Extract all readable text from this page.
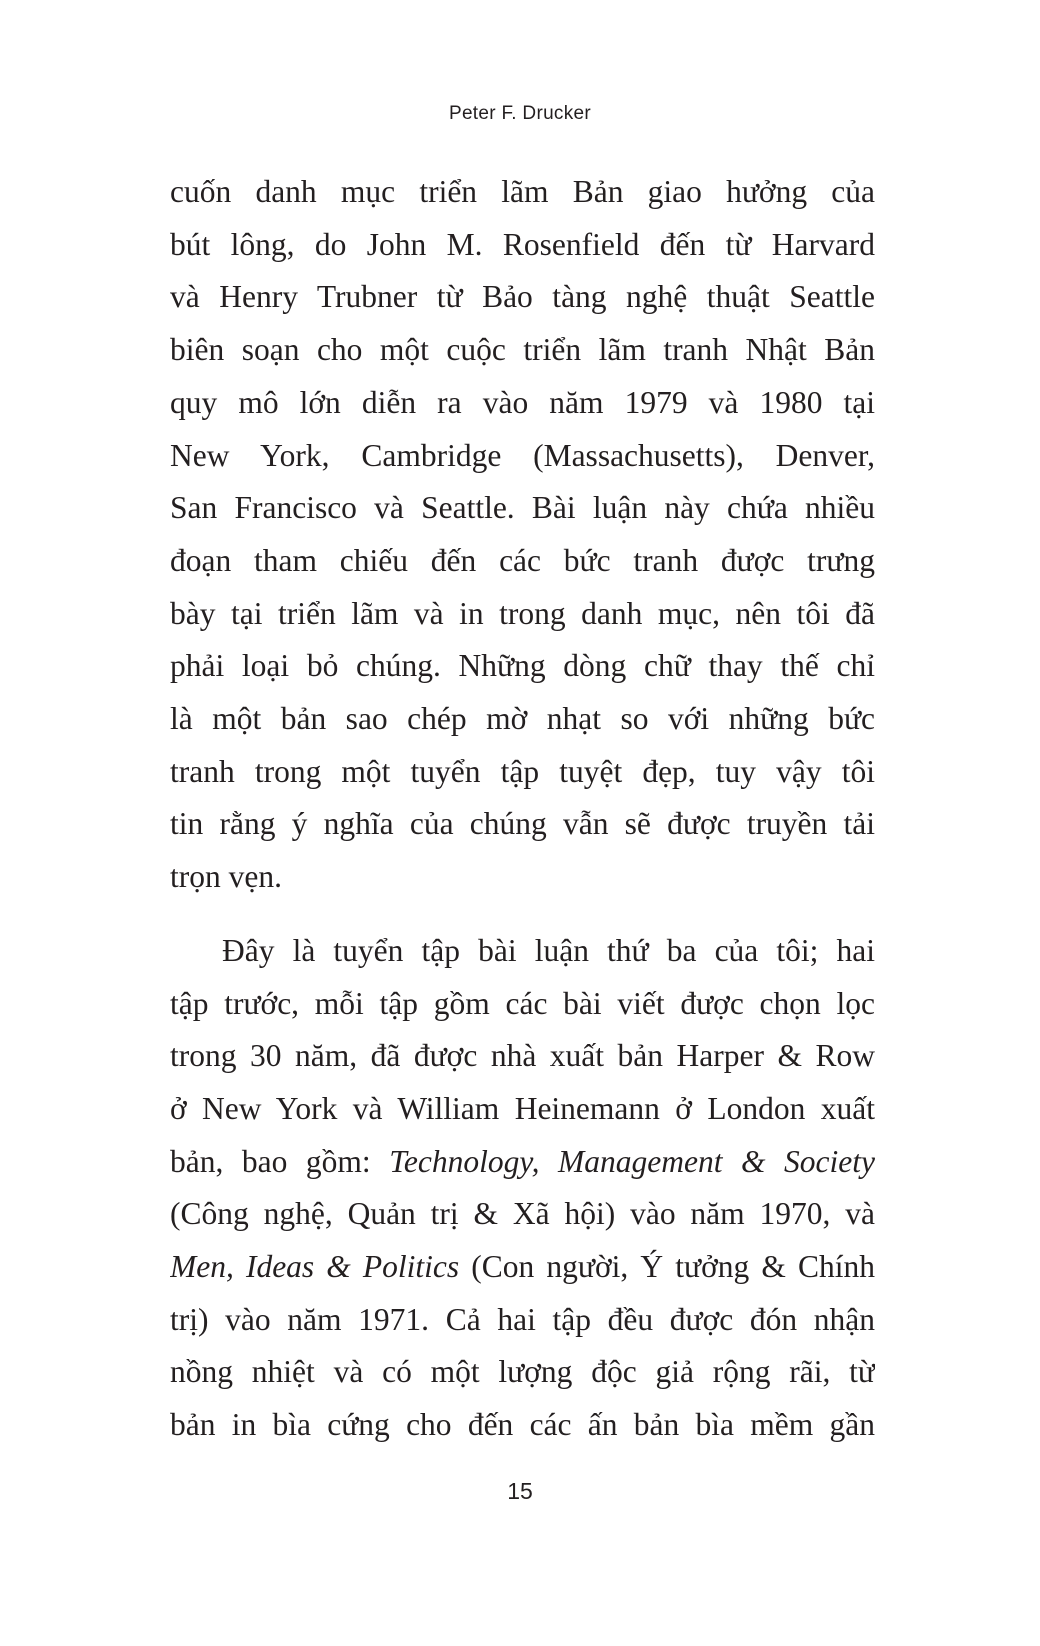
Peter F. Drucker

cuốn danh mục triển lãm Bản giao hưởng của
bút lông, do John M. Rosenfield đến từ Harvard
và Henry Trubner từ Bảo tàng nghệ thuật Seattle
biên soạn cho một cuộc triển lãm tranh Nhật Bản
quy mô lớn diễn ra vào năm 1979 và 1980 tại
New York, Cambridge (Massachusetts), Denver,
San Francisco và Seattle. Bài luận này chứa nhiều
đoạn tham chiếu đến các bức tranh được trưng
bày tại triển lãm và in trong danh mục, nên tôi đã
phải loại bỏ chúng. Những dòng chữ thay thế chỉ
là một bản sao chép mờ nhạt so với những bức
tranh trong một tuyển tập tuyệt đẹp, tuy vậy tôi
tin rằng ý nghĩa của chúng vẫn sẽ được truyền tải
trọn vẹn.

Đây là tuyển tập bài luận thứ ba của tôi; hai
tập trước, mỗi tập gồm các bài viết được chọn lọc
trong 30 năm, đã được nhà xuất bản Harper & Row
ở New York và William Heinemann ở London xuất
bản, bao gồm: Technology, Management & Society
(Công nghệ, Quản trị & Xã hội) vào năm 1970, và
Men, Ideas & Politics (Con người, Ý tưởng & Chính
trị) vào năm 1971. Cả hai tập đều được đón nhận
nồng nhiệt và có một lượng độc giả rộng rãi, từ
bản in bìa cứng cho đến các ấn bản bìa mềm gần

15
